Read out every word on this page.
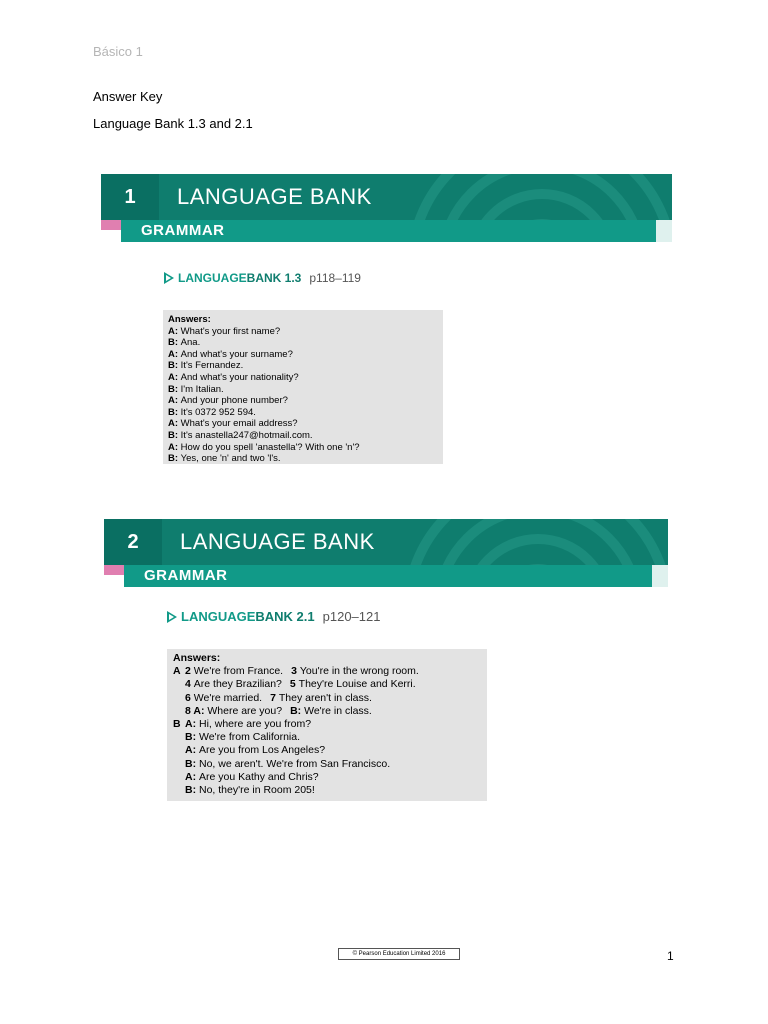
Básico 1
Answer Key
Language Bank 1.3 and 2.1
1	LANGUAGE BANK
GRAMMAR
LANGUAGE BANK 1.3 p118–119
Answers:
A: What's your first name?
B: Ana.
A: And what's your surname?
B: It's Fernandez.
A: And what's your nationality?
B: I'm Italian.
A: And your phone number?
B: It's 0372 952 594.
A: What's your email address?
B: It's anastella247@hotmail.com.
A: How do you spell 'anastella'? With one 'n'?
B: Yes, one 'n' and two 'l's.
2	LANGUAGE BANK
GRAMMAR
LANGUAGE BANK 2.1 p120–121
Answers:
A 2 We're from France. 3 You're in the wrong room.
4 Are they Brazilian? 5 They're Louise and Kerri.
6 We're married. 7 They aren't in class.
8 A: Where are you? B: We're in class.
B A: Hi, where are you from?
B: We're from California.
A: Are you from Los Angeles?
B: No, we aren't. We're from San Francisco.
A: Are you Kathy and Chris?
B: No, they're in Room 205!
© Pearson Education Limited 2016	1
